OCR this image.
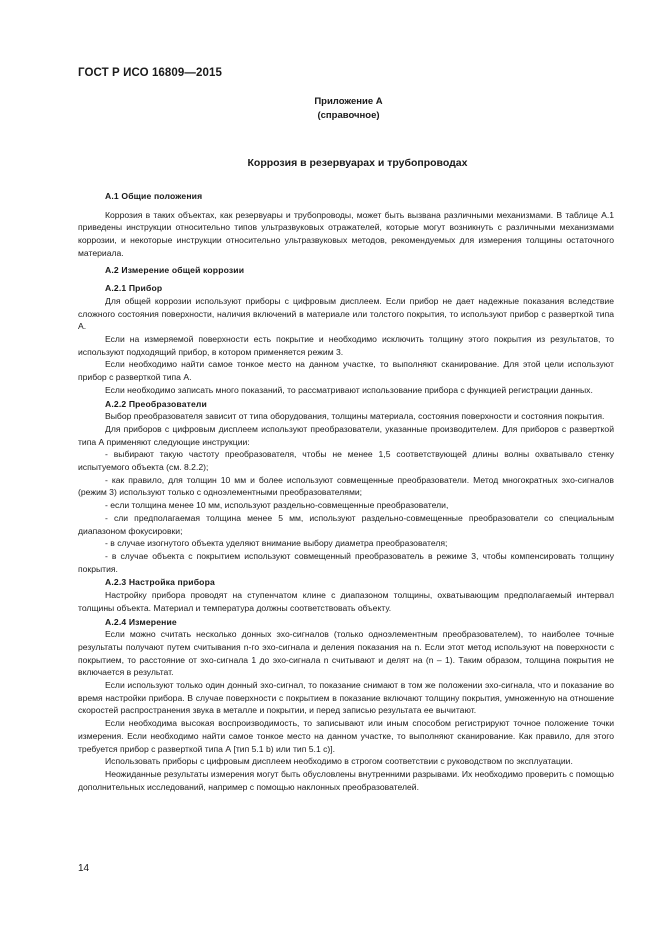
ГОСТ Р ИСО 16809—2015
Приложение А
(справочное)
Коррозия в резервуарах и трубопроводах
А.1 Общие положения

Коррозия в таких объектах, как резервуары и трубопроводы, может быть вызвана различными механизмами. В таблице А.1 приведены инструкции относительно типов ультразвуковых отражателей, которые могут возникнуть с различными механизмами коррозии, и некоторые инструкции относительно ультразвуковых методов, рекомендуемых для измерения толщины остаточного материала.

А.2 Измерение общей коррозии
А.2.1 Прибор

Для общей коррозии используют приборы с цифровым дисплеем. Если прибор не дает надежные показания вследствие сложного состояния поверхности, наличия включений в материале или толстого покрытия, то используют прибор с разверткой типа А.

Если на измеряемой поверхности есть покрытие и необходимо исключить толщину этого покрытия из результатов, то используют подходящий прибор, в котором применяется режим 3.

Если необходимо найти самое тонкое место на данном участке, то выполняют сканирование. Для этой цели используют прибор с разверткой типа А.

Если необходимо записать много показаний, то рассматривают использование прибора с функцией регистрации данных.

А.2.2 Преобразователи

Выбор преобразователя зависит от типа оборудования, толщины материала, состояния поверхности и состояния покрытия.

Для приборов с цифровым дисплеем используют преобразователи, указанные производителем. Для приборов с разверткой типа А применяют следующие инструкции:

- выбирают такую частоту преобразователя, чтобы не менее 1,5 соответствующей длины волны охватывало стенку испытуемого объекта (см. 8.2.2);

- как правило, для толщин 10 мм и более используют совмещенные преобразователи. Метод многократных эхо-сигналов (режим 3) используют только с одноэлементными преобразователями;

- если толщина менее 10 мм, используют раздельно-совмещенные преобразователи,

- сли предполагаемая толщина менее 5 мм, используют раздельно-совмещенные преобразователи со специальным диапазоном фокусировки;

- в случае изогнутого объекта уделяют внимание выбору диаметра преобразователя;

- в случае объекта с покрытием используют совмещенный преобразователь в режиме 3, чтобы компенсировать толщину покрытия.

А.2.3 Настройка прибора

Настройку прибора проводят на ступенчатом клине с диапазоном толщины, охватывающим предполагаемый интервал толщины объекта. Материал и температура должны соответствовать объекту.

А.2.4 Измерение

Если можно считать несколько донных эхо-сигналов (только одноэлементным преобразователем), то наиболее точные результаты получают путем считывания n-го эхо-сигнала и деления показания на n. Если этот метод используют на поверхности с покрытием, то расстояние от эхо-сигнала 1 до эхо-сигнала n считывают и делят на (n – 1). Таким образом, толщина покрытия не включается в результат.

Если используют только один донный эхо-сигнал, то показание снимают в том же положении эхо-сигнала, что и показание во время настройки прибора. В случае поверхности с покрытием в показание включают толщину покрытия, умноженную на отношение скоростей распространения звука в металле и покрытии, и перед записью результата ее вычитают.

Если необходима высокая воспроизводимость, то записывают или иным способом регистрируют точное положение точки измерения. Если необходимо найти самое тонкое место на данном участке, то выполняют сканирование. Как правило, для этого требуется прибор с разверткой типа А [тип 5.1 b) или тип 5.1 c)].

Использовать приборы с цифровым дисплеем необходимо в строгом соответствии с руководством по эксплуатации.

Неожиданные результаты измерения могут быть обусловлены внутренними разрывами. Их необходимо проверить с помощью дополнительных исследований, например с помощью наклонных преобразователей.

14
